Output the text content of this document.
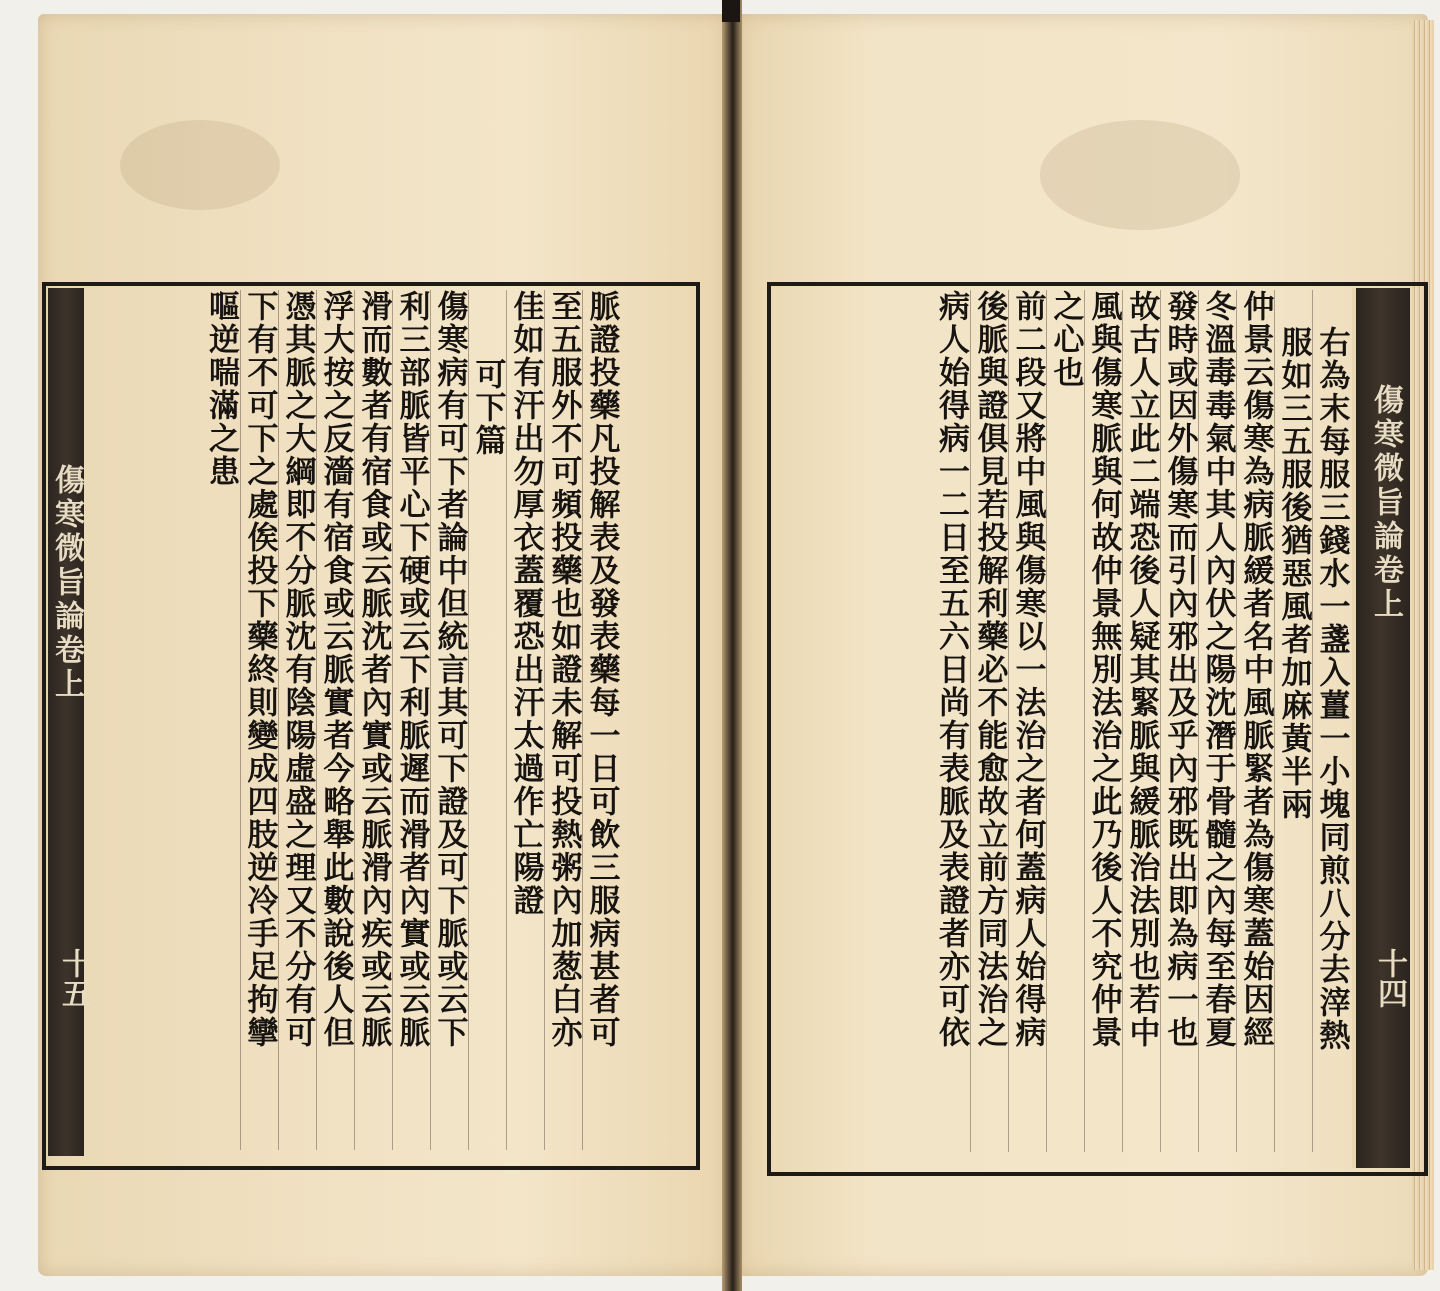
傷寒微旨論卷上
十五
傷寒微旨論卷上
十四
脈證投藥凡投解表及發表藥每一日可飲三服病甚者可
至五服外不可頻投藥也如證未解可投熱粥內加葱白亦
佳如有汗出勿厚衣蓋覆恐出汗太過作亡陽證
可下篇
傷寒病有可下者論中但統言其可下證及可下脈或云下
利三部脈皆平心下硬或云下利脈遲而滑者內實或云脈
滑而數者有宿食或云脈沈者內實或云脈滑內疾或云脈
浮大按之反濇有宿食或云脈實者今略舉此數說後人但
憑其脈之大綱即不分脈沈有陰陽虛盛之理又不分有可
下有不可下之處俟投下藥終則變成四肢逆冷手足拘攣
嘔逆喘滿之患	右為末每服三錢水一盞入薑一小塊同煎八分去滓熱
服如三五服後猶惡風者加麻黃半兩
仲景云傷寒為病脈緩者名中風脈緊者為傷寒蓋始因經
冬溫毒毒氣中其人內伏之陽沈潛于骨髓之內每至春夏
發時或因外傷寒而引內邪出及乎內邪既出即為病一也
故古人立此二端恐後人疑其緊脈與緩脈治法別也若中
風與傷寒脈與何故仲景無別法治之此乃後人不究仲景
之心也
前二段又將中風與傷寒以一法治之者何蓋病人始得病
後脈與證俱見若投解利藥必不能愈故立前方同法治之
病人始得病一二日至五六日尚有表脈及表證者亦可依
